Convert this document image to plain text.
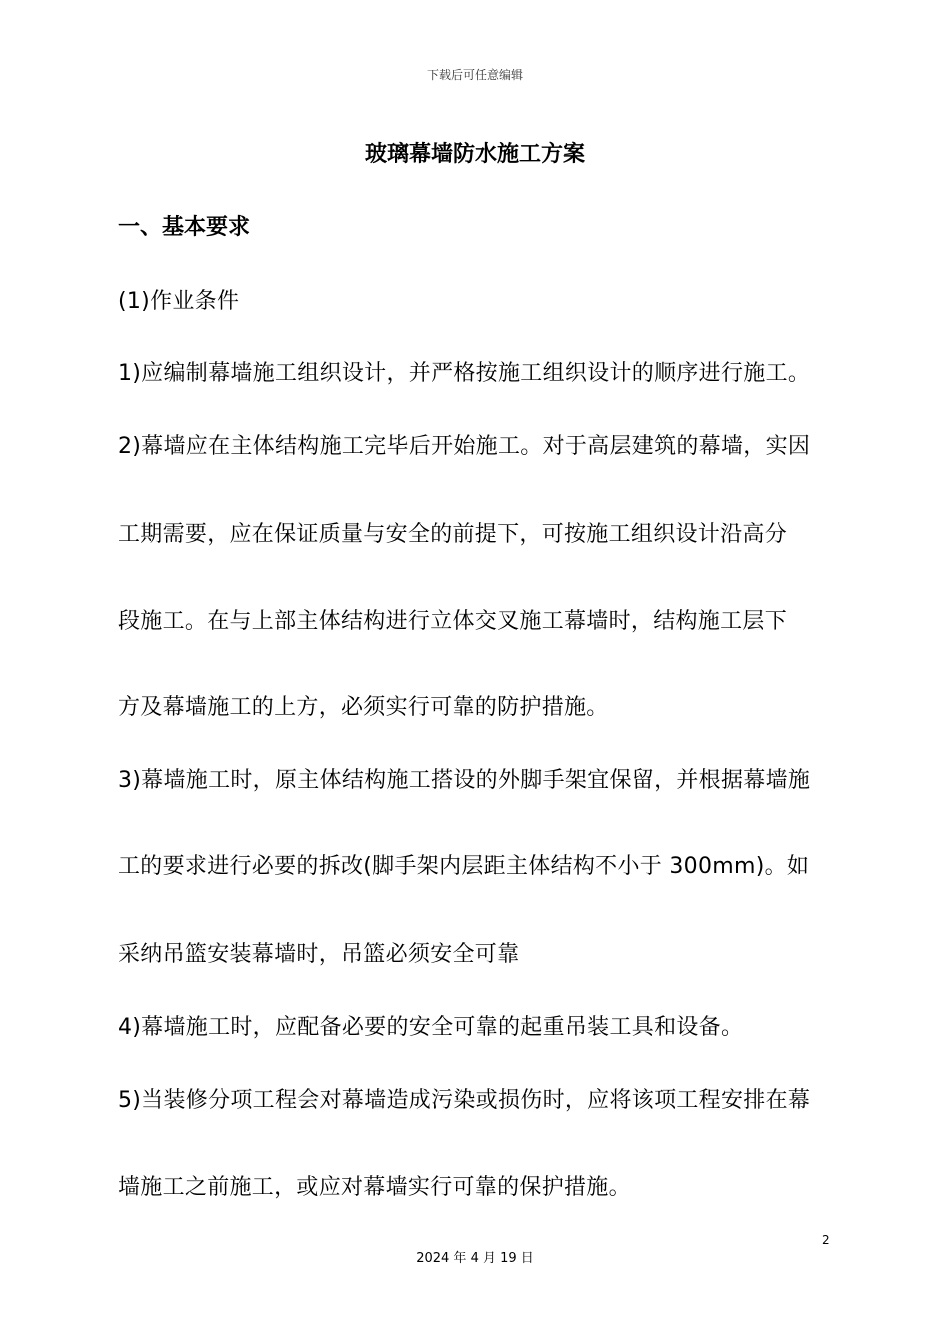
下载后可任意编辑
玻璃幕墙防水施工方案
一、基本要求
(1)作业条件
1)应编制幕墙施工组织设计，并严格按施工组织设计的顺序进行施工。
2)幕墙应在主体结构施工完毕后开始施工。对于高层建筑的幕墙，实因
工期需要，应在保证质量与安全的前提下，可按施工组织设计沿高分
段施工。在与上部主体结构进行立体交叉施工幕墙时，结构施工层下
方及幕墙施工的上方，必须实行可靠的防护措施。
3)幕墙施工时，原主体结构施工搭设的外脚手架宜保留，并根据幕墙施
工的要求进行必要的拆改(脚手架内层距主体结构不小于 300mm)。如
采纳吊篮安装幕墙时，吊篮必须安全可靠
4)幕墙施工时，应配备必要的安全可靠的起重吊装工具和设备。
5)当装修分项工程会对幕墙造成污染或损伤时，应将该项工程安排在幕
墙施工之前施工，或应对幕墙实行可靠的保护措施。
2
2024 年 4 月 19 日
